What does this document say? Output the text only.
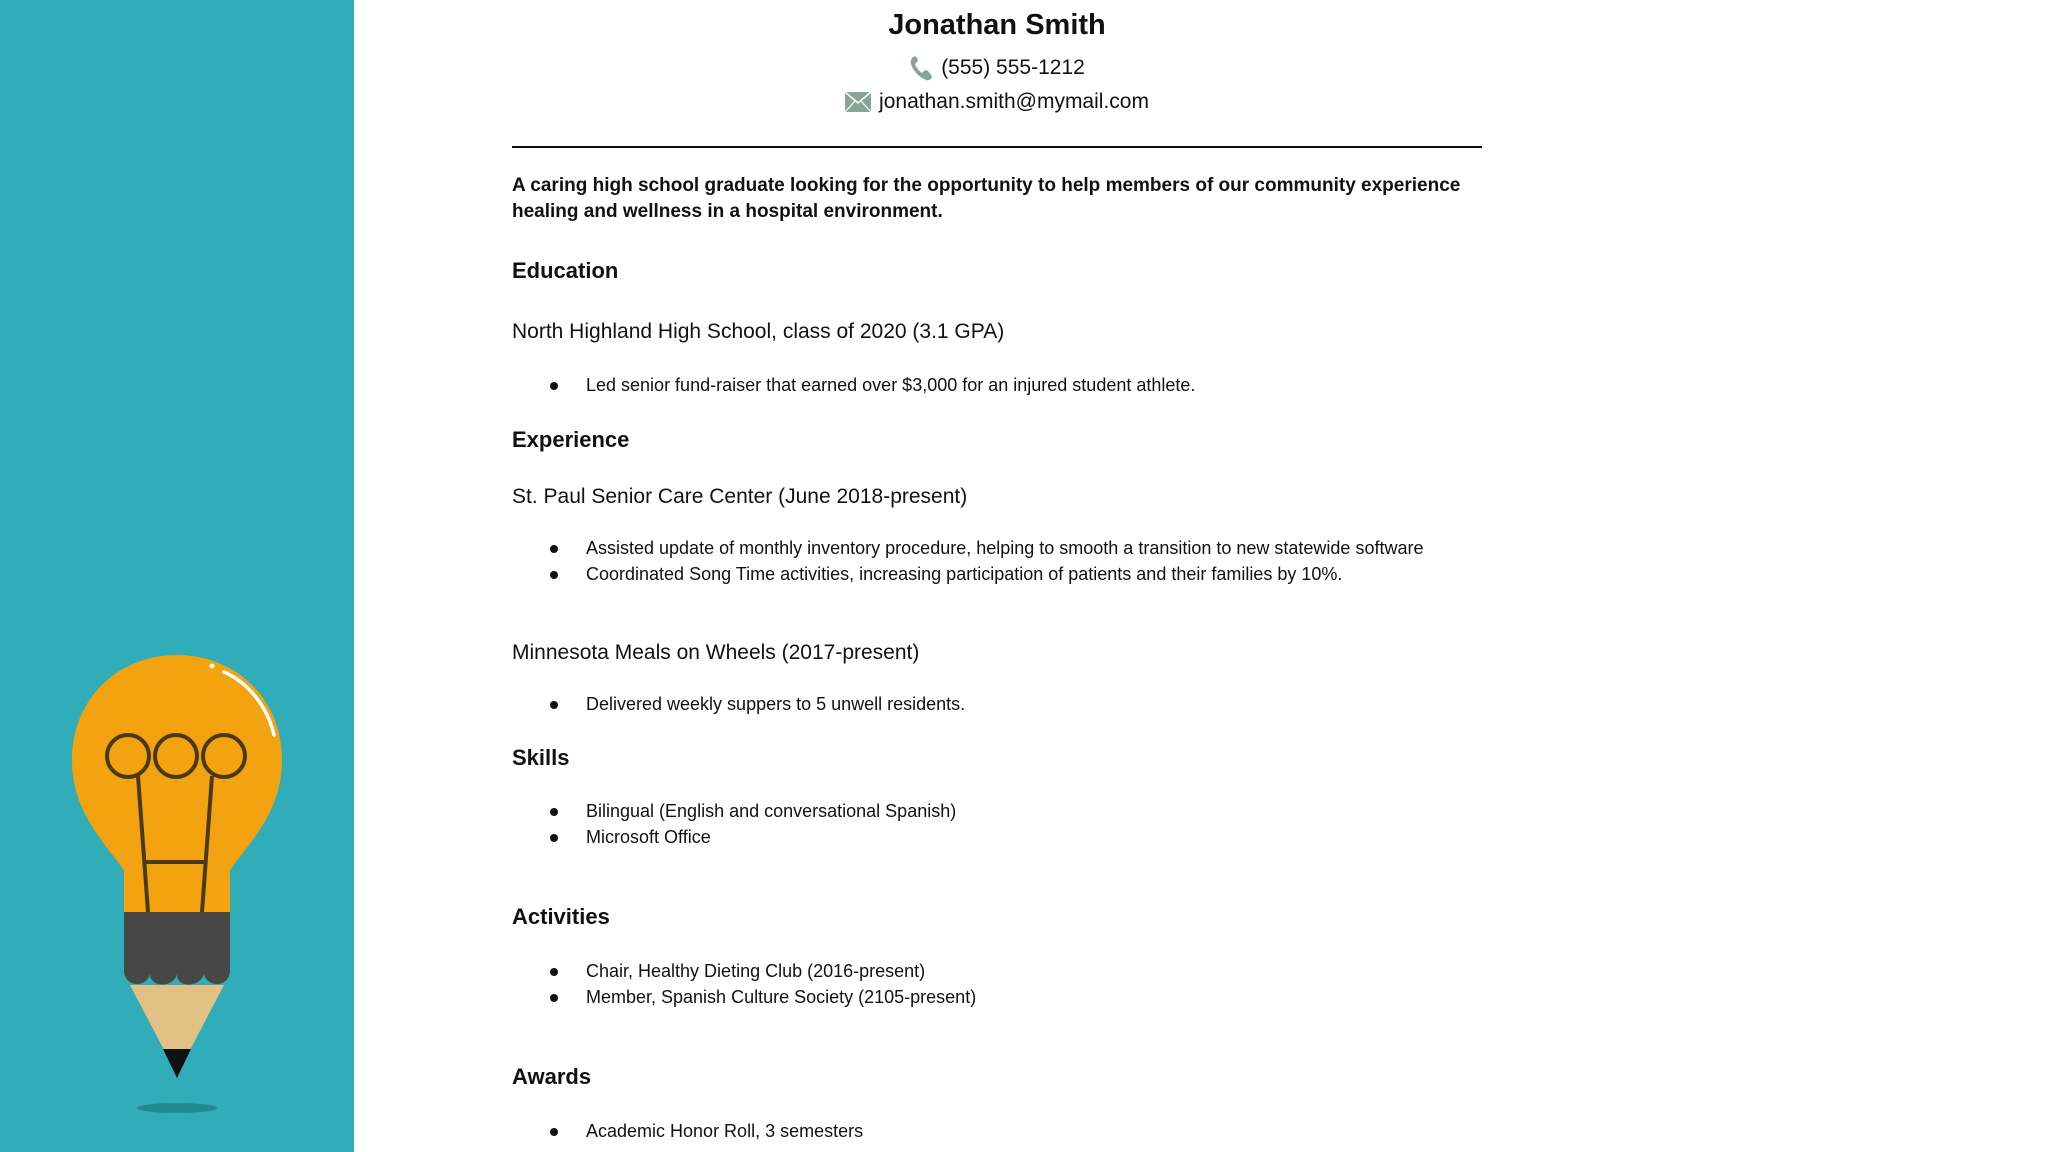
Jonathan Smith
(555) 555-1212
jonathan.smith@mymail.com
A caring high school graduate looking for the opportunity to help members of our community experience healing and wellness in a hospital environment.
Education
North Highland High School, class of 2020 (3.1 GPA)
Led senior fund-raiser that earned over $3,000 for an injured student athlete.
Experience
St. Paul Senior Care Center (June 2018-present)
Assisted update of monthly inventory procedure, helping to smooth a transition to new statewide software
Coordinated Song Time activities, increasing participation of patients and their families by 10%.
Minnesota Meals on Wheels (2017-present)
Delivered weekly suppers to 5 unwell residents.
Skills
Bilingual (English and conversational Spanish)
Microsoft Office
Activities
Chair, Healthy Dieting Club (2016-present)
Member, Spanish Culture Society (2105-present)
Awards
Academic Honor Roll, 3 semesters
